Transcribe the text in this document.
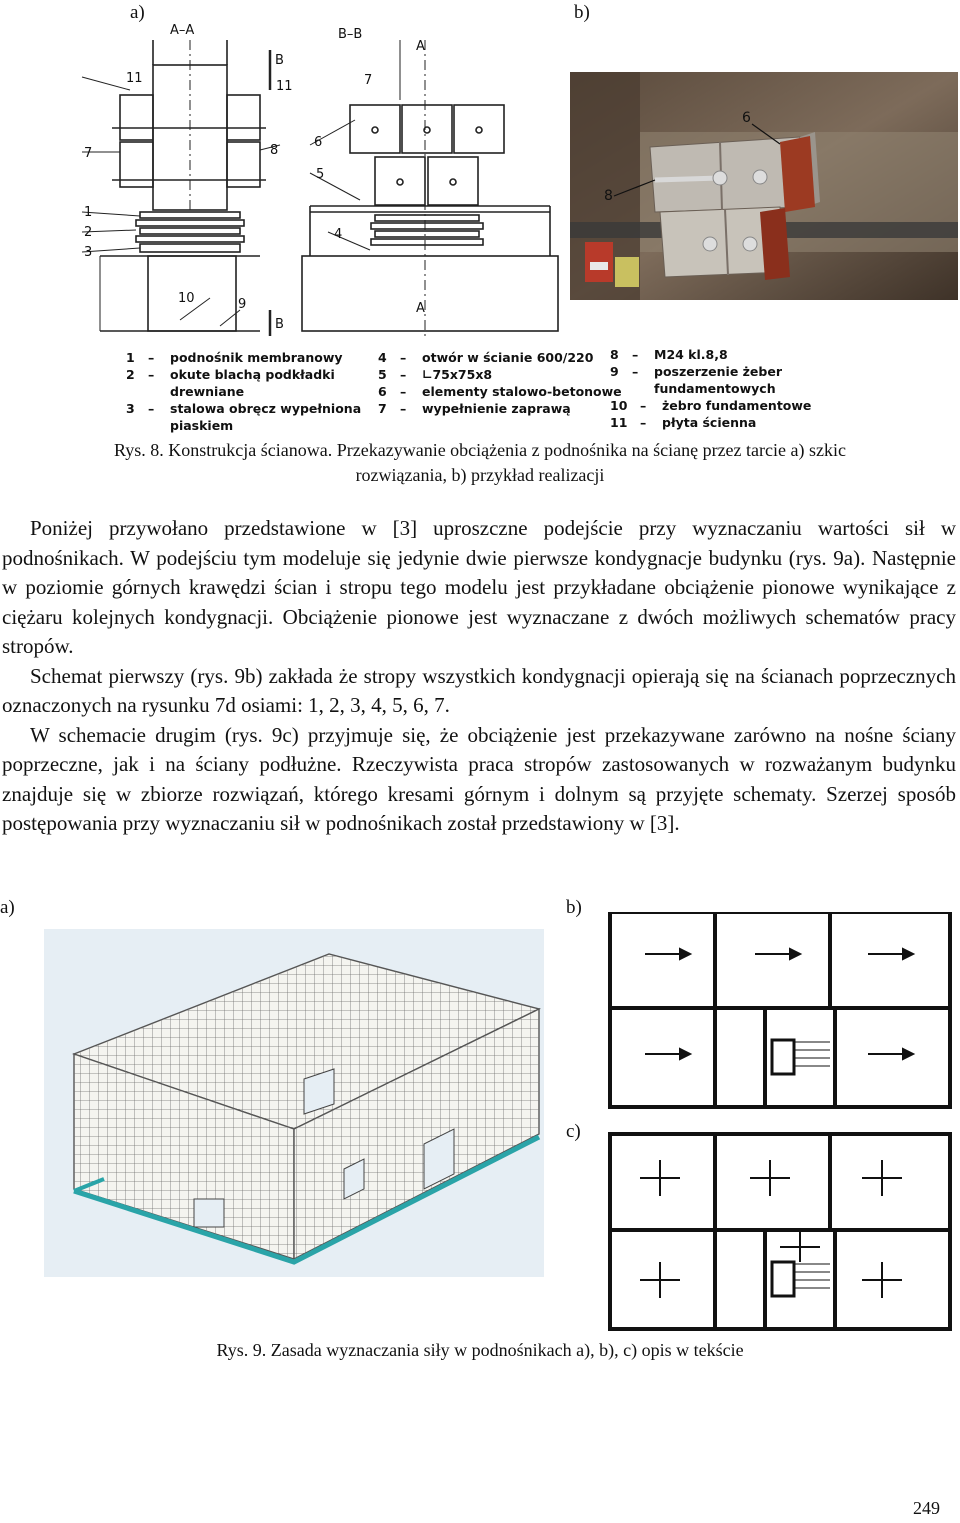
a)	b)
A–A	B–B
A
A
B
B
1
2
3
4
5
6
7
7
8
9
10
11
11
1	–	podnośnik membranowy
2	–	okute blachą podkładki
drewniane
3	–	stalowa obręcz wypełniona
piaskiem
4	–	otwór w ścianie 600/220
5	–	∟75x75x8
6	–	elementy stalowo-betonowe
7	–	wypełnienie zaprawą
8	–	M24 kl.8,8
9	–	poszerzenie żeber
fundamentowych
10	–	żebro fundamentowe
11	–	płyta ścienna
6
8
Rys. 8. Konstrukcja ścianowa. Przekazywanie obciążenia z podnośnika na ścianę przez tarcie a) szkic
rozwiązania, b) przykład realizacji

Poniżej przywołano przedstawione w [3] uproszczne podejście przy wyznaczaniu wartości sił w podnośnikach. W podejściu tym modeluje się jedynie dwie pierwsze kondygnacje budynku (rys. 9a). Następnie w poziomie górnych krawędzi ścian i stropu tego modelu jest przykładane obciążenie pionowe wynikające z ciężaru kolejnych kondygnacji. Obciążenie pionowe jest wyznaczane z dwóch możliwych schematów pracy stropów.

Schemat pierwszy (rys. 9b) zakłada że stropy wszystkich kondygnacji opierają się na ścianach poprzecznych oznaczonych na rysunku 7d osiami: 1, 2, 3, 4, 5, 6, 7.

W schemacie drugim (rys. 9c) przyjmuje się, że obciążenie jest przekazywane zarówno na nośne ściany poprzeczne, jak i na ściany podłużne. Rzeczywista praca stropów zastosowanych w rozważanym budynku znajduje się w zbiorze rozwiązań, którego kresami górnym i dolnym są przyjęte schematy. Szerzej sposób postępowania przy wyznaczaniu sił w podnośnikach został przedstawiony w [3].

a)	b)
c)
Rys. 9. Zasada wyznaczania siły w podnośnikach a), b), c) opis w tekście
249
